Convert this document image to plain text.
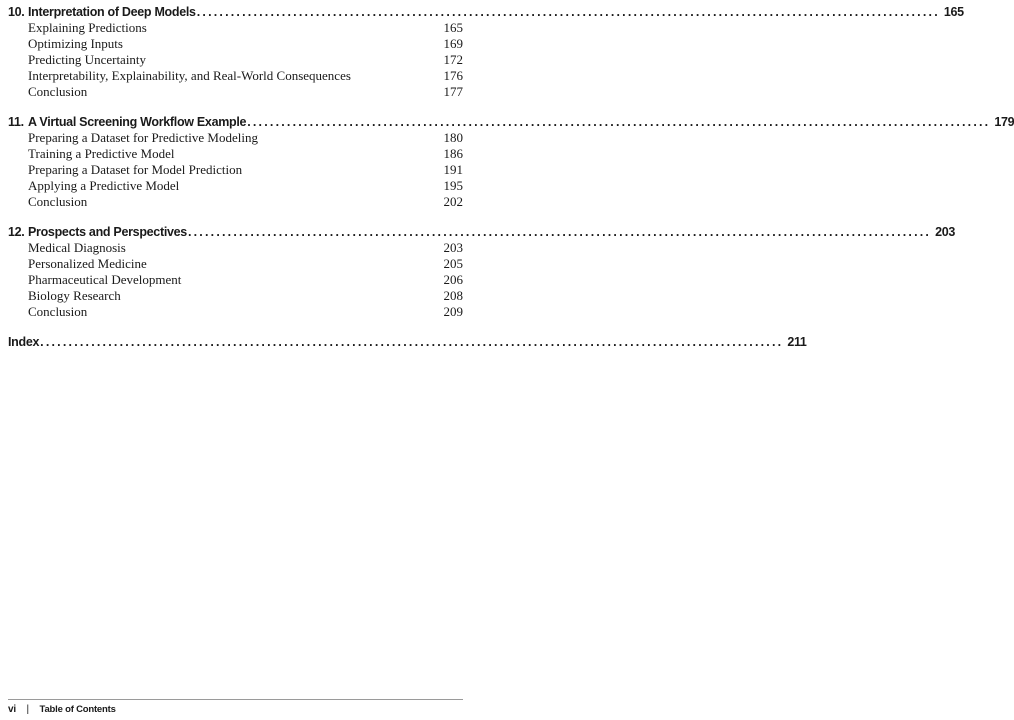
10. Interpretation of Deep Models ................................................................................................................................... 165
Explaining Predictions	165
Optimizing Inputs	169
Predicting Uncertainty	172
Interpretability, Explainability, and Real-World Consequences	176
Conclusion	177
11. A Virtual Screening Workflow Example ................................................................................................................................... 179
Preparing a Dataset for Predictive Modeling	180
Training a Predictive Model	186
Preparing a Dataset for Model Prediction	191
Applying a Predictive Model	195
Conclusion	202
12. Prospects and Perspectives ................................................................................................................................... 203
Medical Diagnosis	203
Personalized Medicine	205
Pharmaceutical Development	206
Biology Research	208
Conclusion	209
Index ................................................................................................................................... 211
vi | Table of Contents
